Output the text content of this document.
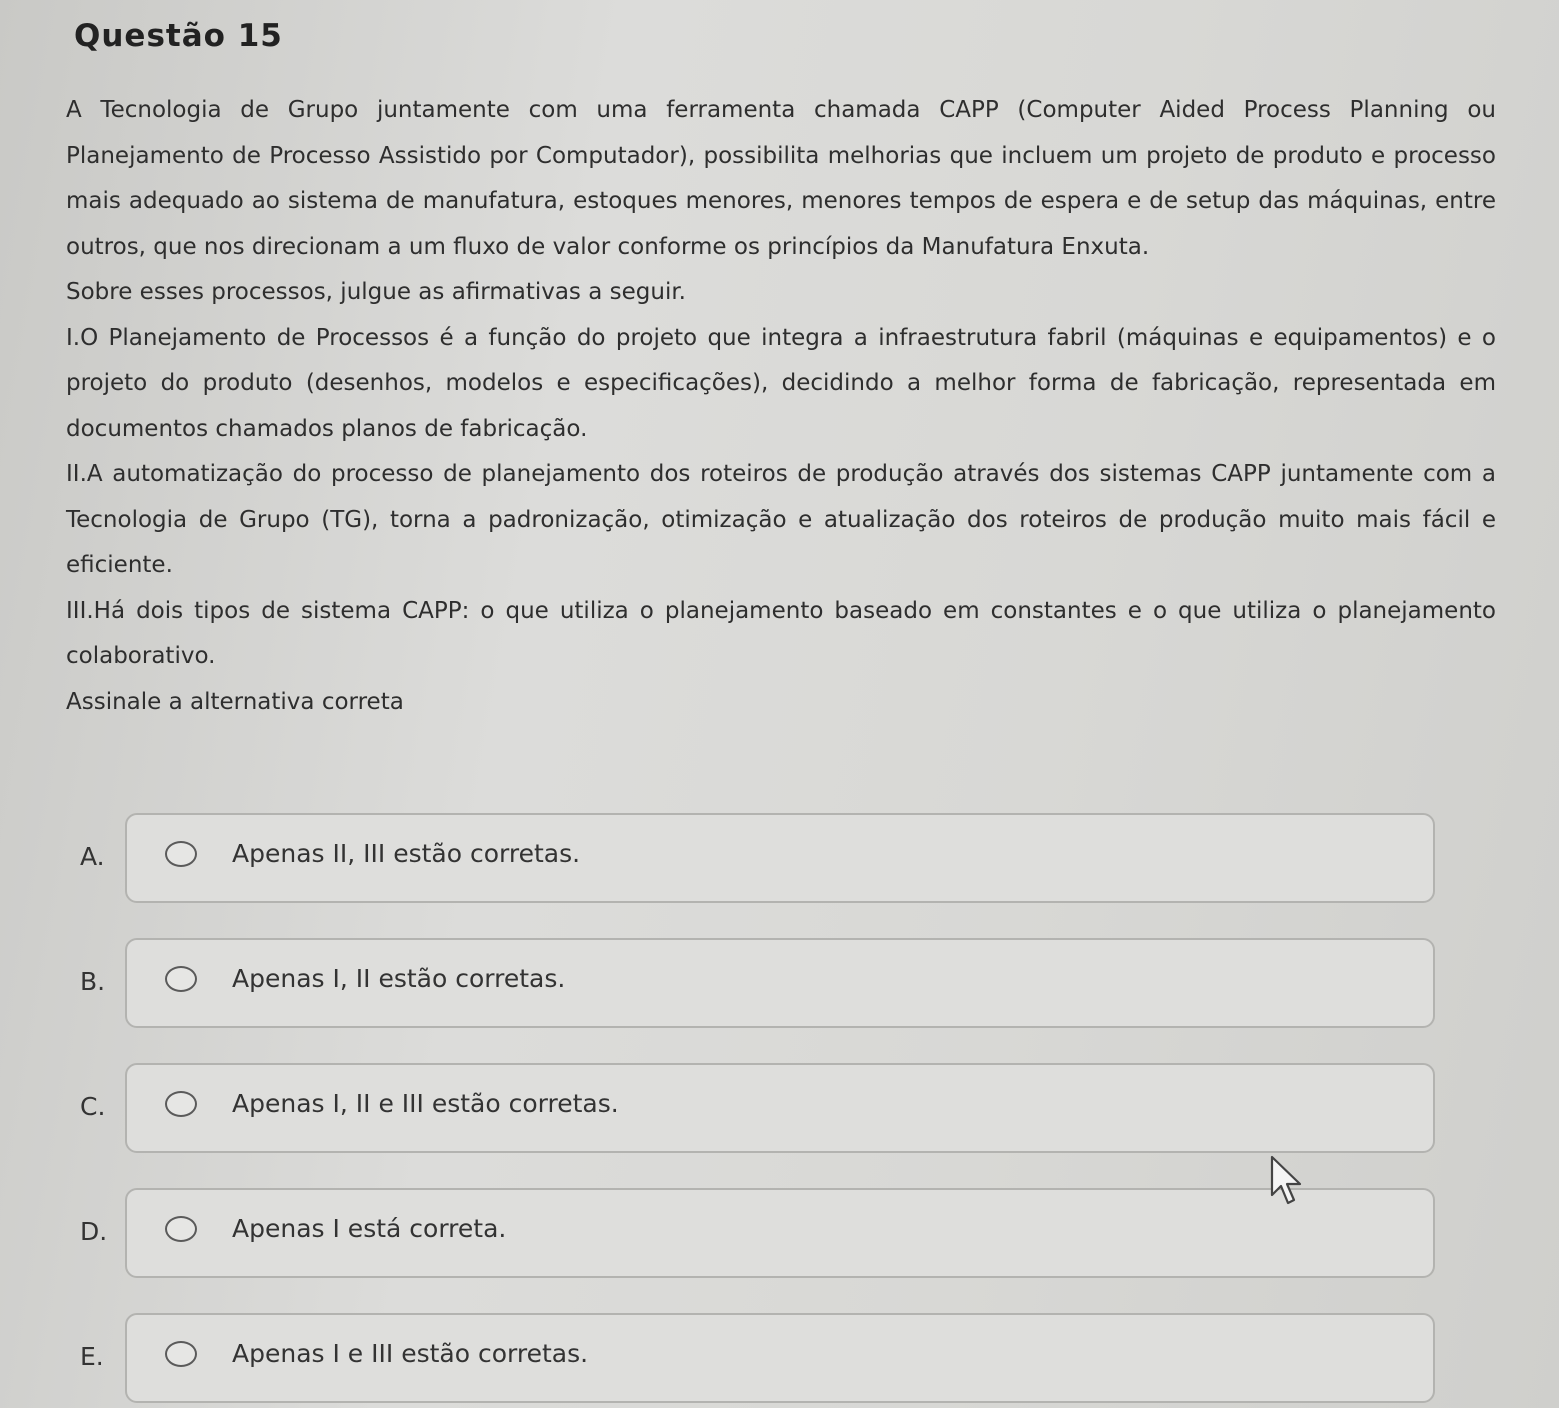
Questão 15

A Tecnologia de Grupo juntamente com uma ferramenta chamada CAPP (Computer Aided Process Planning ou Planejamento de Processo Assistido por Computador), possibilita melhorias que incluem um projeto de produto e processo mais adequado ao sistema de manufatura, estoques menores, menores tempos de espera e de setup das máquinas, entre outros, que nos direcionam a um fluxo de valor conforme os princípios da Manufatura Enxuta.

Sobre esses processos, julgue as afirmativas a seguir.

I.O Planejamento de Processos é a função do projeto que integra a infraestrutura fabril (máquinas e equipamentos) e o projeto do produto (desenhos, modelos e especificações), decidindo a melhor forma de fabricação, representada em documentos chamados planos de fabricação.

II.A automatização do processo de planejamento dos roteiros de produção através dos sistemas CAPP juntamente com a Tecnologia de Grupo (TG), torna a padronização, otimização e atualização dos roteiros de produção muito mais fácil e eficiente.

III.Há dois tipos de sistema CAPP: o que utiliza o planejamento baseado em constantes e o que utiliza o planejamento colaborativo.

Assinale a alternativa correta

A.	Apenas II, III estão corretas.
B.	Apenas I, II estão corretas.
C.	Apenas I, II e III estão corretas.
D.	Apenas I está correta.
E.	Apenas I e III estão corretas.
